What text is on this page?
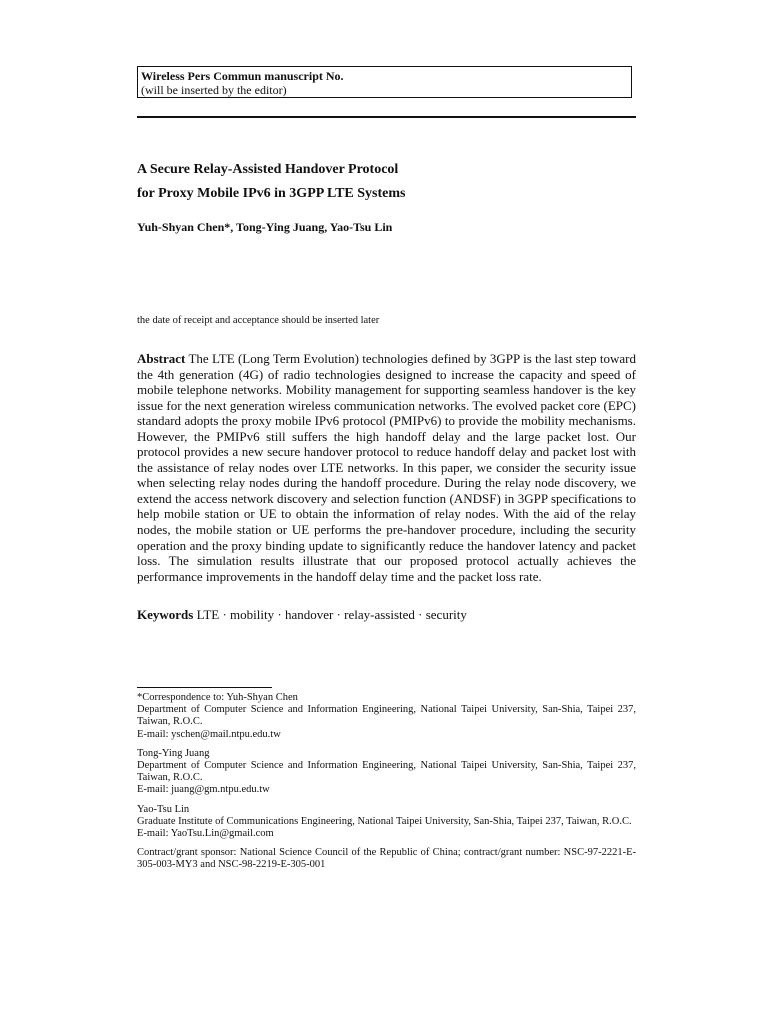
Wireless Pers Commun manuscript No.
(will be inserted by the editor)
A Secure Relay-Assisted Handover Protocol
for Proxy Mobile IPv6 in 3GPP LTE Systems
Yuh-Shyan Chen*, Tong-Ying Juang, Yao-Tsu Lin
the date of receipt and acceptance should be inserted later
Abstract The LTE (Long Term Evolution) technologies defined by 3GPP is the last step toward the 4th generation (4G) of radio technologies designed to increase the capacity and speed of mobile telephone networks. Mobility management for supporting seamless handover is the key issue for the next generation wireless communication networks. The evolved packet core (EPC) standard adopts the proxy mobile IPv6 protocol (PMIPv6) to provide the mobility mechanisms. However, the PMIPv6 still suffers the high handoff delay and the large packet lost. Our protocol provides a new secure handover protocol to reduce handoff delay and packet lost with the assistance of relay nodes over LTE networks. In this paper, we consider the security issue when selecting relay nodes during the handoff procedure. During the relay node discovery, we extend the access network discovery and selection function (ANDSF) in 3GPP specifications to help mobile station or UE to obtain the information of relay nodes. With the aid of the relay nodes, the mobile station or UE performs the pre-handover procedure, including the security operation and the proxy binding update to significantly reduce the handover latency and packet loss. The simulation results illustrate that our proposed protocol actually achieves the performance improvements in the handoff delay time and the packet loss rate.
Keywords LTE · mobility · handover · relay-assisted · security
*Correspondence to: Yuh-Shyan Chen
Department of Computer Science and Information Engineering, National Taipei University, San-Shia, Taipei 237, Taiwan, R.O.C.
E-mail: yschen@mail.ntpu.edu.tw
Tong-Ying Juang
Department of Computer Science and Information Engineering, National Taipei University, San-Shia, Taipei 237, Taiwan, R.O.C.
E-mail: juang@gm.ntpu.edu.tw
Yao-Tsu Lin
Graduate Institute of Communications Engineering, National Taipei University, San-Shia, Taipei 237, Taiwan, R.O.C.
E-mail: YaoTsu.Lin@gmail.com
Contract/grant sponsor: National Science Council of the Republic of China; contract/grant number: NSC-97-2221-E-305-003-MY3 and NSC-98-2219-E-305-001
